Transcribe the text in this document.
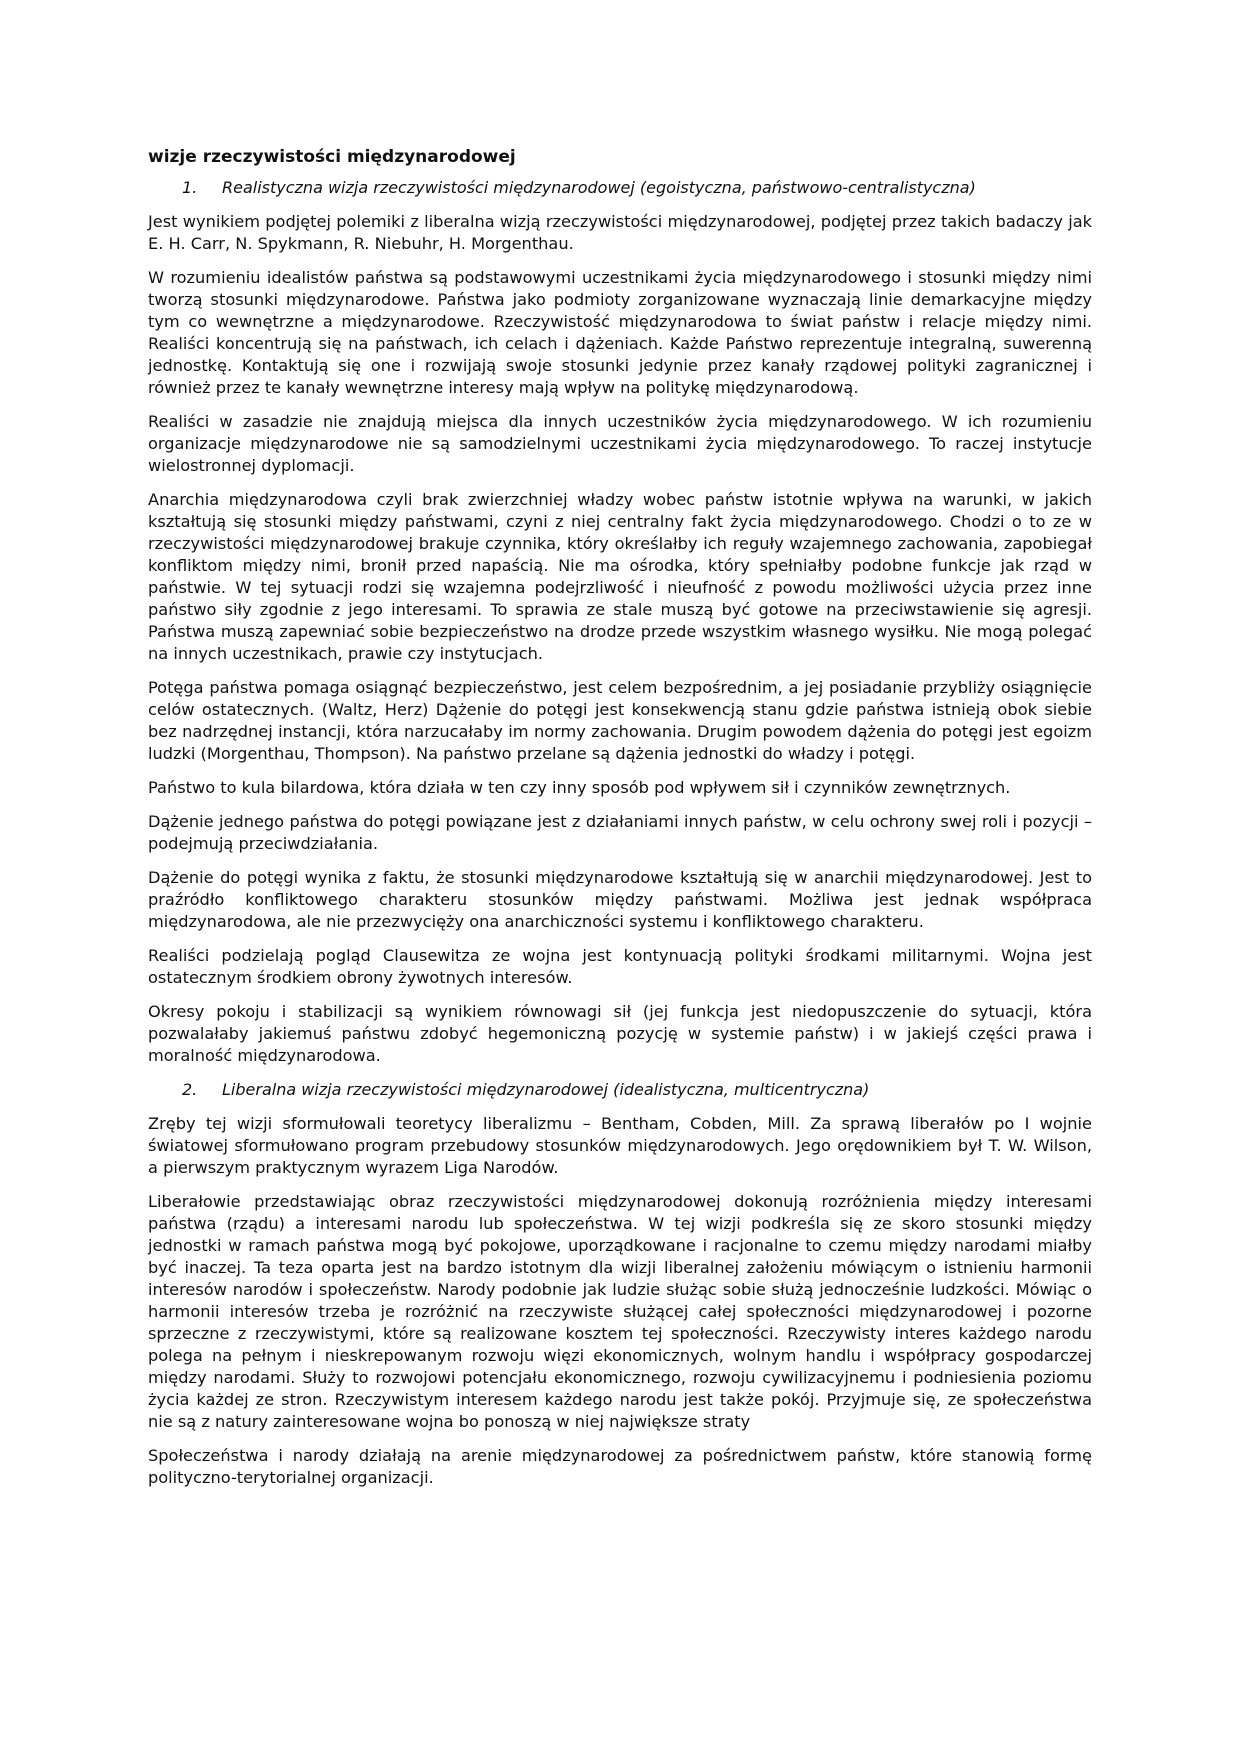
wizje rzeczywistości międzynarodowej
1.	Realistyczna wizja rzeczywistości międzynarodowej (egoistyczna, państwowo-centralistyczna)

Jest wynikiem podjętej polemiki z liberalna wizją rzeczywistości międzynarodowej, podjętej przez takich badaczy jak E. H. Carr, N. Spykmann, R. Niebuhr, H. Morgenthau.

W rozumieniu idealistów państwa są podstawowymi uczestnikami życia międzynarodowego i stosunki między nimi tworzą stosunki międzynarodowe. Państwa jako podmioty zorganizowane wyznaczają linie demarkacyjne między tym co wewnętrzne a międzynarodowe. Rzeczywistość międzynarodowa to świat państw i relacje między nimi. Realiści koncentrują się na państwach, ich celach i dążeniach. Każde Państwo reprezentuje integralną, suwerenną jednostkę. Kontaktują się one i rozwijają swoje stosunki jedynie przez kanały rządowej polityki zagranicznej i również przez te kanały wewnętrzne interesy mają wpływ na politykę międzynarodową.

Realiści w zasadzie nie znajdują miejsca dla innych uczestników życia międzynarodowego. W ich rozumieniu organizacje międzynarodowe nie są samodzielnymi uczestnikami życia międzynarodowego. To raczej instytucje wielostronnej dyplomacji.

Anarchia międzynarodowa czyli brak zwierzchniej władzy wobec państw istotnie wpływa na warunki, w jakich kształtują się stosunki między państwami, czyni z niej centralny fakt życia międzynarodowego. Chodzi o to ze w rzeczywistości międzynarodowej brakuje czynnika, który określałby ich reguły wzajemnego zachowania, zapobiegał konfliktom między nimi, bronił przed napaścią. Nie ma ośrodka, który spełniałby podobne funkcje jak rząd w państwie. W tej sytuacji rodzi się wzajemna podejrzliwość i nieufność z powodu możliwości użycia przez inne państwo siły zgodnie z jego interesami. To sprawia ze stale muszą być gotowe na przeciwstawienie się agresji. Państwa muszą zapewniać sobie bezpieczeństwo na drodze przede wszystkim własnego wysiłku. Nie mogą polegać na innych uczestnikach, prawie czy instytucjach.

Potęga państwa pomaga osiągnąć bezpieczeństwo, jest celem bezpośrednim, a jej posiadanie przybliży osiągnięcie celów ostatecznych. (Waltz, Herz) Dążenie do potęgi jest konsekwencją stanu gdzie państwa istnieją obok siebie bez nadrzędnej instancji, która narzucałaby im normy zachowania. Drugim powodem dążenia do potęgi jest egoizm ludzki (Morgenthau, Thompson). Na państwo przelane są dążenia jednostki do władzy i potęgi.

Państwo to kula bilardowa, która działa w ten czy inny sposób pod wpływem sił i czynników zewnętrznych.

Dążenie jednego państwa do potęgi powiązane jest z działaniami innych państw, w celu ochrony swej roli i pozycji – podejmują przeciwdziałania.

Dążenie do potęgi wynika z faktu, że stosunki międzynarodowe kształtują się w anarchii międzynarodowej. Jest to praźródło konfliktowego charakteru stosunków między państwami. Możliwa jest jednak współpraca międzynarodowa, ale nie przezwycięży ona anarchiczności systemu i konfliktowego charakteru.

Realiści podzielają pogląd Clausewitza ze wojna jest kontynuacją polityki środkami militarnymi. Wojna jest ostatecznym środkiem obrony żywotnych interesów.

Okresy pokoju i stabilizacji są wynikiem równowagi sił (jej funkcja jest niedopuszczenie do sytuacji, która pozwalałaby jakiemuś państwu zdobyć hegemoniczną pozycję w systemie państw) i w jakiejś części prawa i moralność międzynarodowa.

2.	Liberalna wizja rzeczywistości międzynarodowej (idealistyczna, multicentryczna)

Zręby tej wizji sformułowali teoretycy liberalizmu – Bentham, Cobden, Mill. Za sprawą liberałów po I wojnie światowej sformułowano program przebudowy stosunków międzynarodowych. Jego orędownikiem był T. W. Wilson, a pierwszym praktycznym wyrazem Liga Narodów.

Liberałowie przedstawiając obraz rzeczywistości międzynarodowej dokonują rozróżnienia między interesami państwa (rządu) a interesami narodu lub społeczeństwa. W tej wizji podkreśla się ze skoro stosunki między jednostki w ramach państwa mogą być pokojowe, uporządkowane i racjonalne to czemu między narodami miałby być inaczej. Ta teza oparta jest na bardzo istotnym dla wizji liberalnej założeniu mówiącym o istnieniu harmonii interesów narodów i społeczeństw. Narody podobnie jak ludzie służąc sobie służą jednocześnie ludzkości. Mówiąc o harmonii interesów trzeba je rozróżnić na rzeczywiste służącej całej społeczności międzynarodowej i pozorne sprzeczne z rzeczywistymi, które są realizowane kosztem tej społeczności. Rzeczywisty interes każdego narodu polega na pełnym i nieskrepowanym rozwoju więzi ekonomicznych, wolnym handlu i współpracy gospodarczej między narodami. Służy to rozwojowi potencjału ekonomicznego, rozwoju cywilizacyjnemu i podniesienia poziomu życia każdej ze stron. Rzeczywistym interesem każdego narodu jest także pokój. Przyjmuje się, ze społeczeństwa nie są z natury zainteresowane wojna bo ponoszą w niej największe straty

Społeczeństwa i narody działają na arenie międzynarodowej za pośrednictwem państw, które stanowią formę polityczno-terytorialnej organizacji.
